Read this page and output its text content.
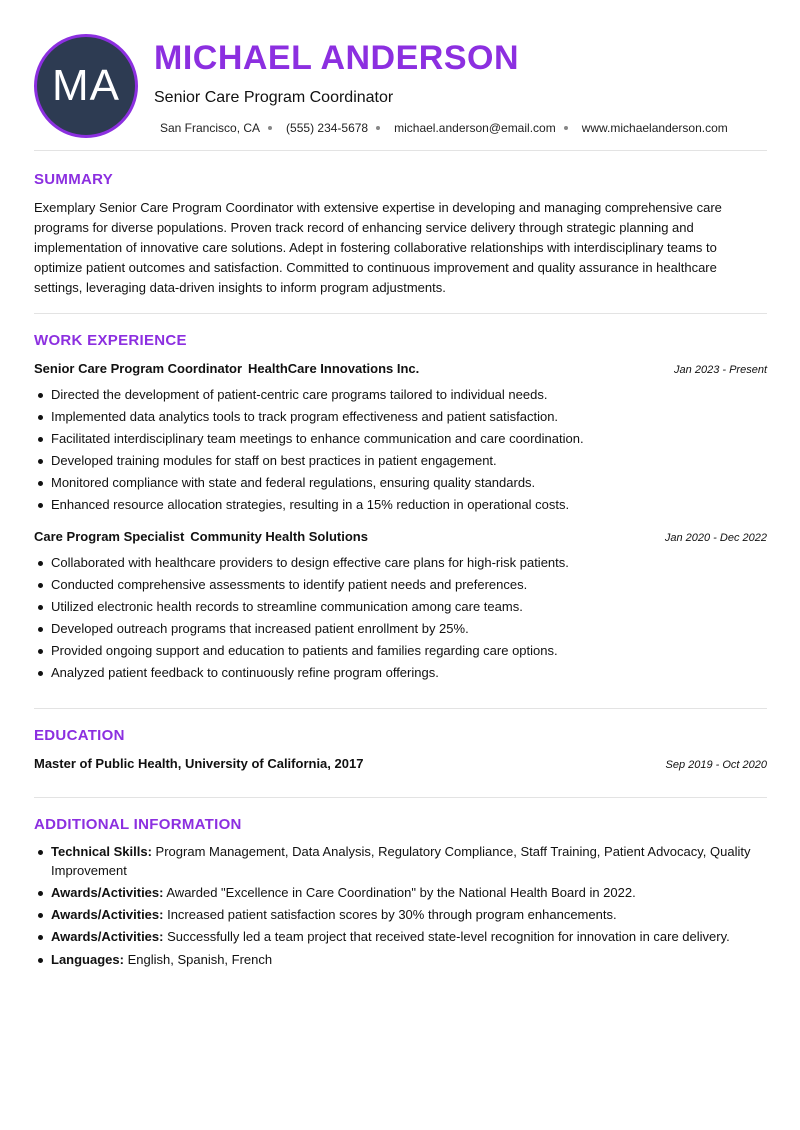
MA
MICHAEL ANDERSON
Senior Care Program Coordinator
San Francisco, CA (555) 234-5678 michael.anderson@email.com www.michaelanderson.com
SUMMARY

Exemplary Senior Care Program Coordinator with extensive expertise in developing and managing comprehensive care programs for diverse populations. Proven track record of enhancing service delivery through strategic planning and implementation of innovative care solutions. Adept in fostering collaborative relationships with interdisciplinary teams to optimize patient outcomes and satisfaction. Committed to continuous improvement and quality assurance in healthcare settings, leveraging data-driven insights to inform program adjustments.

WORK EXPERIENCE
Senior Care Program Coordinator HealthCare Innovations Inc.	Jan 2023 - Present
Directed the development of patient-centric care programs tailored to individual needs.
Implemented data analytics tools to track program effectiveness and patient satisfaction.
Facilitated interdisciplinary team meetings to enhance communication and care coordination.
Developed training modules for staff on best practices in patient engagement.
Monitored compliance with state and federal regulations, ensuring quality standards.
Enhanced resource allocation strategies, resulting in a 15% reduction in operational costs.
Care Program Specialist Community Health Solutions	Jan 2020 - Dec 2022
Collaborated with healthcare providers to design effective care plans for high-risk patients.
Conducted comprehensive assessments to identify patient needs and preferences.
Utilized electronic health records to streamline communication among care teams.
Developed outreach programs that increased patient enrollment by 25%.
Provided ongoing support and education to patients and families regarding care options.
Analyzed patient feedback to continuously refine program offerings.
EDUCATION
Master of Public Health, University of California, 2017	Sep 2019 - Oct 2020
ADDITIONAL INFORMATION
Technical Skills: Program Management, Data Analysis, Regulatory Compliance, Staff Training, Patient Advocacy, Quality Improvement
Awards/Activities: Awarded "Excellence in Care Coordination" by the National Health Board in 2022.
Awards/Activities: Increased patient satisfaction scores by 30% through program enhancements.
Awards/Activities: Successfully led a team project that received state-level recognition for innovation in care delivery.
Languages: English, Spanish, French
